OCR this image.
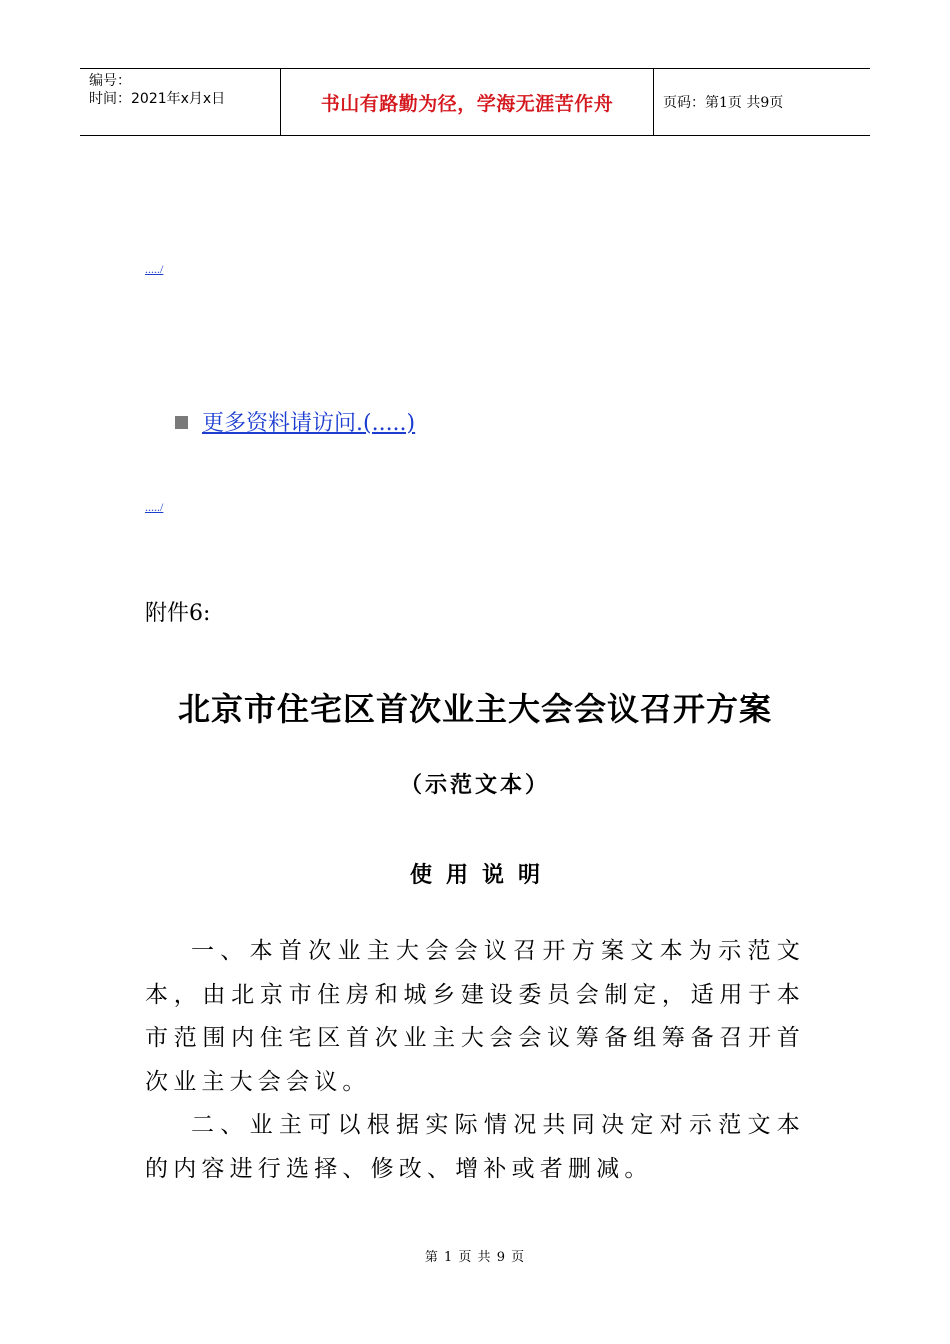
编号：
时间：2021年x月x日	书山有路勤为径，学海无涯苦作舟	页码：第1页 共9页
...../
更多资料请访问.(.....)
...../
附件6:
北京市住宅区首次业主大会会议召开方案
（示范文本）
使用说明

一、本首次业主大会会议召开方案文本为示范文本，由北京市住房和城乡建设委员会制定，适用于本市范围内住宅区首次业主大会会议筹备组筹备召开首次业主大会会议。

二、业主可以根据实际情况共同决定对示范文本的内容进行选择、修改、增补或者删减。

第 1 页 共 9 页
